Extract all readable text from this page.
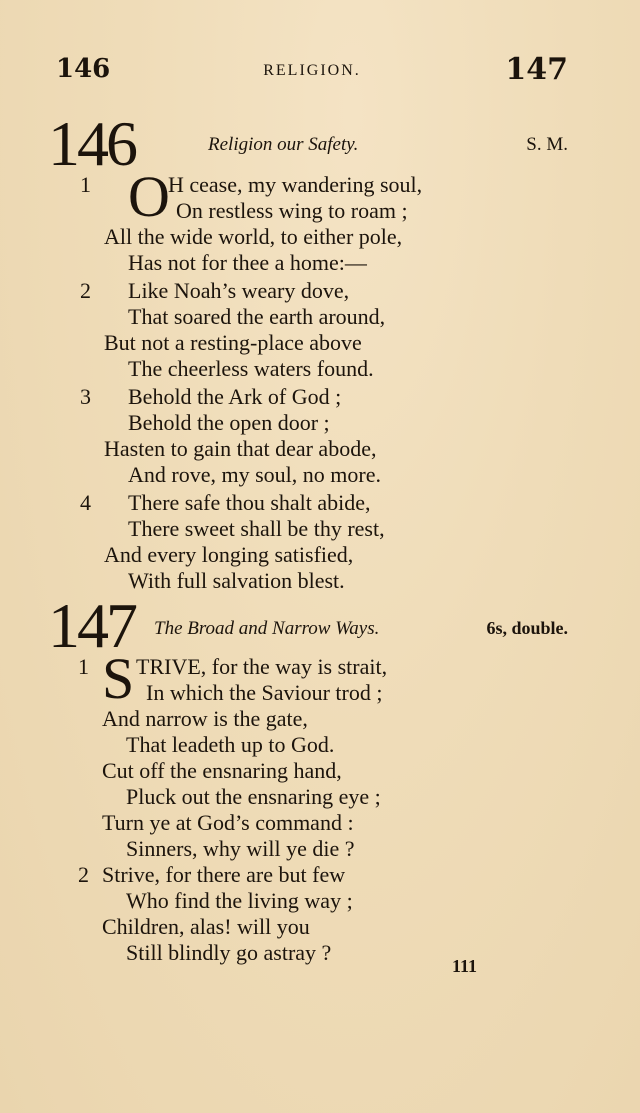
146	RELIGION.	147
146	Religion our Safety.	S. M.
1 O
H cease, my wandering soul,
On restless wing to roam ;
All the wide world, to either pole,
Has not for thee a home:—
2 Like Noah’s weary dove,
That soared the earth around,
But not a resting-place above
The cheerless waters found.
3 Behold the Ark of God ;
Behold the open door ;
Hasten to gain that dear abode,
And rove, my soul, no more.
4 There safe thou shalt abide,
There sweet shall be thy rest,
And every longing satisfied,
With full salvation blest.
147 The Broad and Narrow Ways.	6s, double.
1 S TRIVE, for the way is strait,
In which the Saviour trod ;
And narrow is the gate,
That leadeth up to God.
Cut off the ensnaring hand,
Pluck out the ensnaring eye ;
Turn ye at God’s command :
Sinners, why will ye die ?
2 Strive, for there are but few
Who find the living way ;
Children, alas! will you
Still blindly go astray ?
111
